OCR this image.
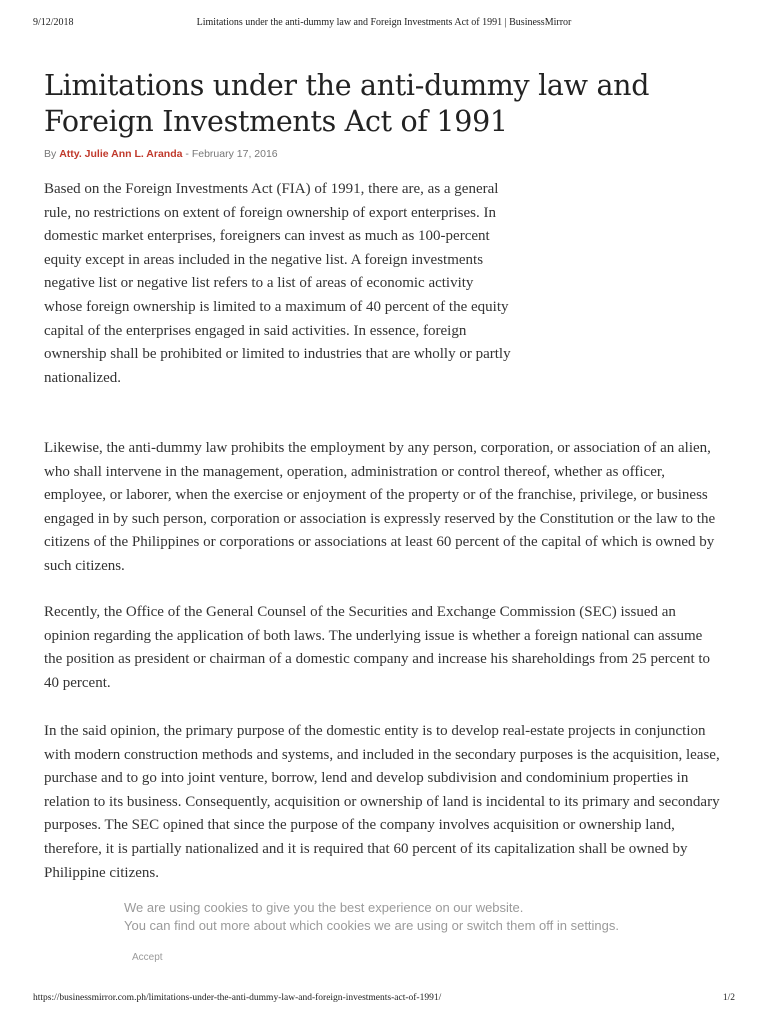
9/12/2018	Limitations under the anti-dummy law and Foreign Investments Act of 1991 | BusinessMirror
Limitations under the anti-dummy law and Foreign Investments Act of 1991
By Atty. Julie Ann L. Aranda - February 17, 2016

Based on the Foreign Investments Act (FIA) of 1991, there are, as a general rule, no restrictions on extent of foreign ownership of export enterprises. In domestic market enterprises, foreigners can invest as much as 100-percent equity except in areas included in the negative list. A foreign investments negative list or negative list refers to a list of areas of economic activity whose foreign ownership is limited to a maximum of 40 percent of the equity capital of the enterprises engaged in said activities. In essence, foreign ownership shall be prohibited or limited to industries that are wholly or partly nationalized.

Likewise, the anti-dummy law prohibits the employment by any person, corporation, or association of an alien, who shall intervene in the management, operation, administration or control thereof, whether as officer, employee, or laborer, when the exercise or enjoyment of the property or of the franchise, privilege, or business engaged in by such person, corporation or association is expressly reserved by the Constitution or the law to the citizens of the Philippines or corporations or associations at least 60 percent of the capital of which is owned by such citizens.

Recently, the Office of the General Counsel of the Securities and Exchange Commission (SEC) issued an opinion regarding the application of both laws. The underlying issue is whether a foreign national can assume the position as president or chairman of a domestic company and increase his shareholdings from 25 percent to 40 percent.

In the said opinion, the primary purpose of the domestic entity is to develop real-estate projects in conjunction with modern construction methods and systems, and included in the secondary purposes is the acquisition, lease, purchase and to go into joint venture, borrow, lend and develop subdivision and condominium properties in relation to its business. Consequently, acquisition or ownership of land is incidental to its primary and secondary purposes. The SEC opined that since the purpose of the company involves acquisition or ownership land, therefore, it is partially nationalized and it is required that 60 percent of its capitalization shall be owned by Philippine citizens.

We are using cookies to give you the best experience on our website.
You can find out more about which cookies we are using or switch them off in settings.
Accept
https://businessmirror.com.ph/limitations-under-the-anti-dummy-law-and-foreign-investments-act-of-1991/	1/2
